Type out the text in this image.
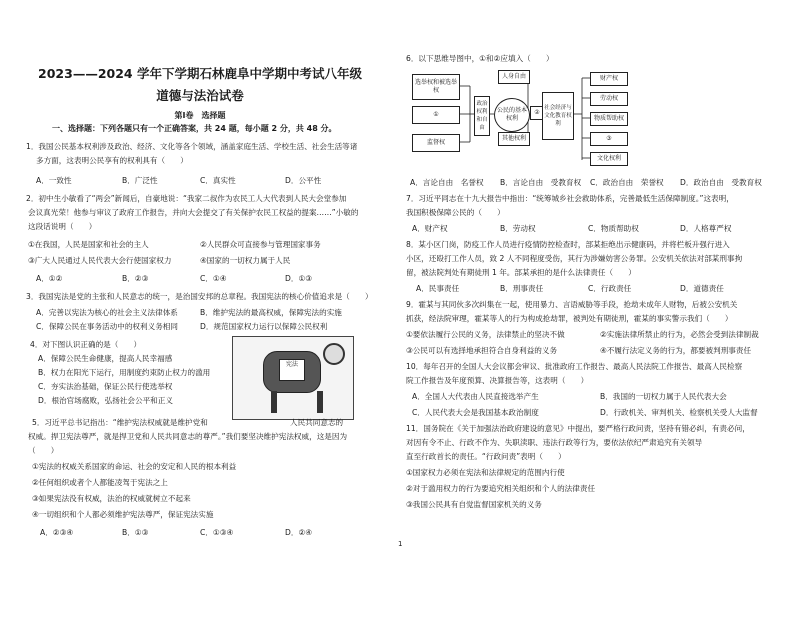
2023——2024 学年下学期石林鹿阜中学期中考试八年级
道德与法治试卷
第Ⅰ卷　选择题
一、选择题：下列各题只有一个正确答案，共 24 题，每小题 2 分，共 48 分。
1．我国公民基本权利涉及政治、经济、文化等各个领域，涵盖家庭生活、学校生活、社会生活等诸
多方面，这表明公民享有的权利具有（　　）
A．一致性	B．广泛性	C．真实性	D．公平性
2．初中生小敏看了“两会”新闻后，自豪地说：“我家二叔作为农民工人大代表到人民大会堂参加
会议真光荣！他参与审议了政府工作报告，并向大会提交了有关保护农民工权益的提案……”小敏的
这段话说明（　　）
①在我国，人民是国家和社会的主人	②人民群众可直接参与管理国家事务
③广大人民通过人民代表大会行使国家权力	④国家的一切权力属于人民
A．①②	B．②③	C．①④	D．①③
3．我国宪法是党的主张和人民意志的统一，是治国安邦的总章程。我国宪法的核心价值追求是（　　）
A．完善以宪法为核心的社会主义法律体系	B．维护宪法的最高权威，保障宪法的实施
C．保障公民在事务活动中的权利义务相同	D．规范国家权力运行以保障公民权利
4．对下图认识正确的是（　　）
A．保障公民生命健康，提高人民幸福感
B．权力在阳光下运行，用制度约束防止权力的滥用
C．夯实法治基础，保证公民行使选举权
D．根治官场腐败，弘扬社会公平和正义
宪法
5．习近平总书记指出：“维护宪法权威就是维护党和	人民共同意志的
权威。捍卫宪法尊严，就是捍卫党和人民共同意志的尊严。”我们要坚决维护宪法权威，这是因为
（　　）
①宪法的权威关系国家的命运、社会的安定和人民的根本利益
②任何组织或者个人都能凌驾于宪法之上
③如果宪法没有权威，法治的权威就树立不起来
④一切组织和个人都必须维护宪法尊严，保证宪法实施
A．②③④	B．①③	C．①③④	D．②④
6．以下思维导图中，①和②应填入（　　）
选举权和被选举权
①
监督权
政治权利和自由
公民的基本权利
人身自由
其他权利
②
社会经济与文化教育权利
财产权
劳动权
物质帮助权
③
文化权利
A．言论自由　名誉权 B．言论自由　受教育权 C．政治自由　荣誉权 D．政治自由　受教育权
7．习近平同志在十九大报告中指出：“统筹城乡社会救助体系，完善最低生活保障制度。”这表明，
我国积极保障公民的（　　）
A．财产权	B．劳动权	C．物质帮助权	D．人格尊严权
8．某小区门岗，防疫工作人员进行疫情防控检查时，部某拒绝出示健康码，并将栏板升强行进入
小区，还殴打工作人员，致 2 人不同程度受伤，其行为涉嫌妨害公务罪。公安机关依法对部某刑事拘
留，被法院判处有期徒刑 1 年。部某承担的是什么法律责任（　　）
A．民事责任	B．刑事责任	C．行政责任	D．道德责任
9．霍某与其同伙多次纠集在一起，使用暴力、言语威胁等手段，抢劫未成年人财物，后被公安机关
抓获，经法院审理，霍某等人的行为构成抢劫罪，被判处有期徒刑，霍某的事实警示我们（　　）
①要依法履行公民的义务，法律禁止的坚决不做	②实施法律所禁止的行为，必然会受到法律制裁
③公民可以有选择地承担符合自身利益的义务	④不履行法定义务的行为，都要被判刑事责任
10．每年召开的全国人大会议都会审议、批准政府工作报告、最高人民法院工作报告、最高人民检察
院工作报告及年度预算、决算报告等，这表明（　　）
A．全国人大代表由人民直接选举产生	B．我国的一切权力属于人民代表大会
C．人民代表大会是我国基本政治制度	D．行政机关、审判机关、检察机关受人大监督
11．国务院在《关于加强法治政府建设的意见》中提出，要严格行政问责，坚持有错必纠，有责必问，
对因有令不止、行政不作为、失职渎职、违法行政等行为，要依法依纪严肃追究有关领导
直至行政首长的责任。“行政问责”表明（　　）
①国家权力必须在宪法和法律规定的范围内行使
②对于滥用权力的行为要追究相关组织和个人的法律责任
③我国公民具有自觉监督国家机关的义务
1
